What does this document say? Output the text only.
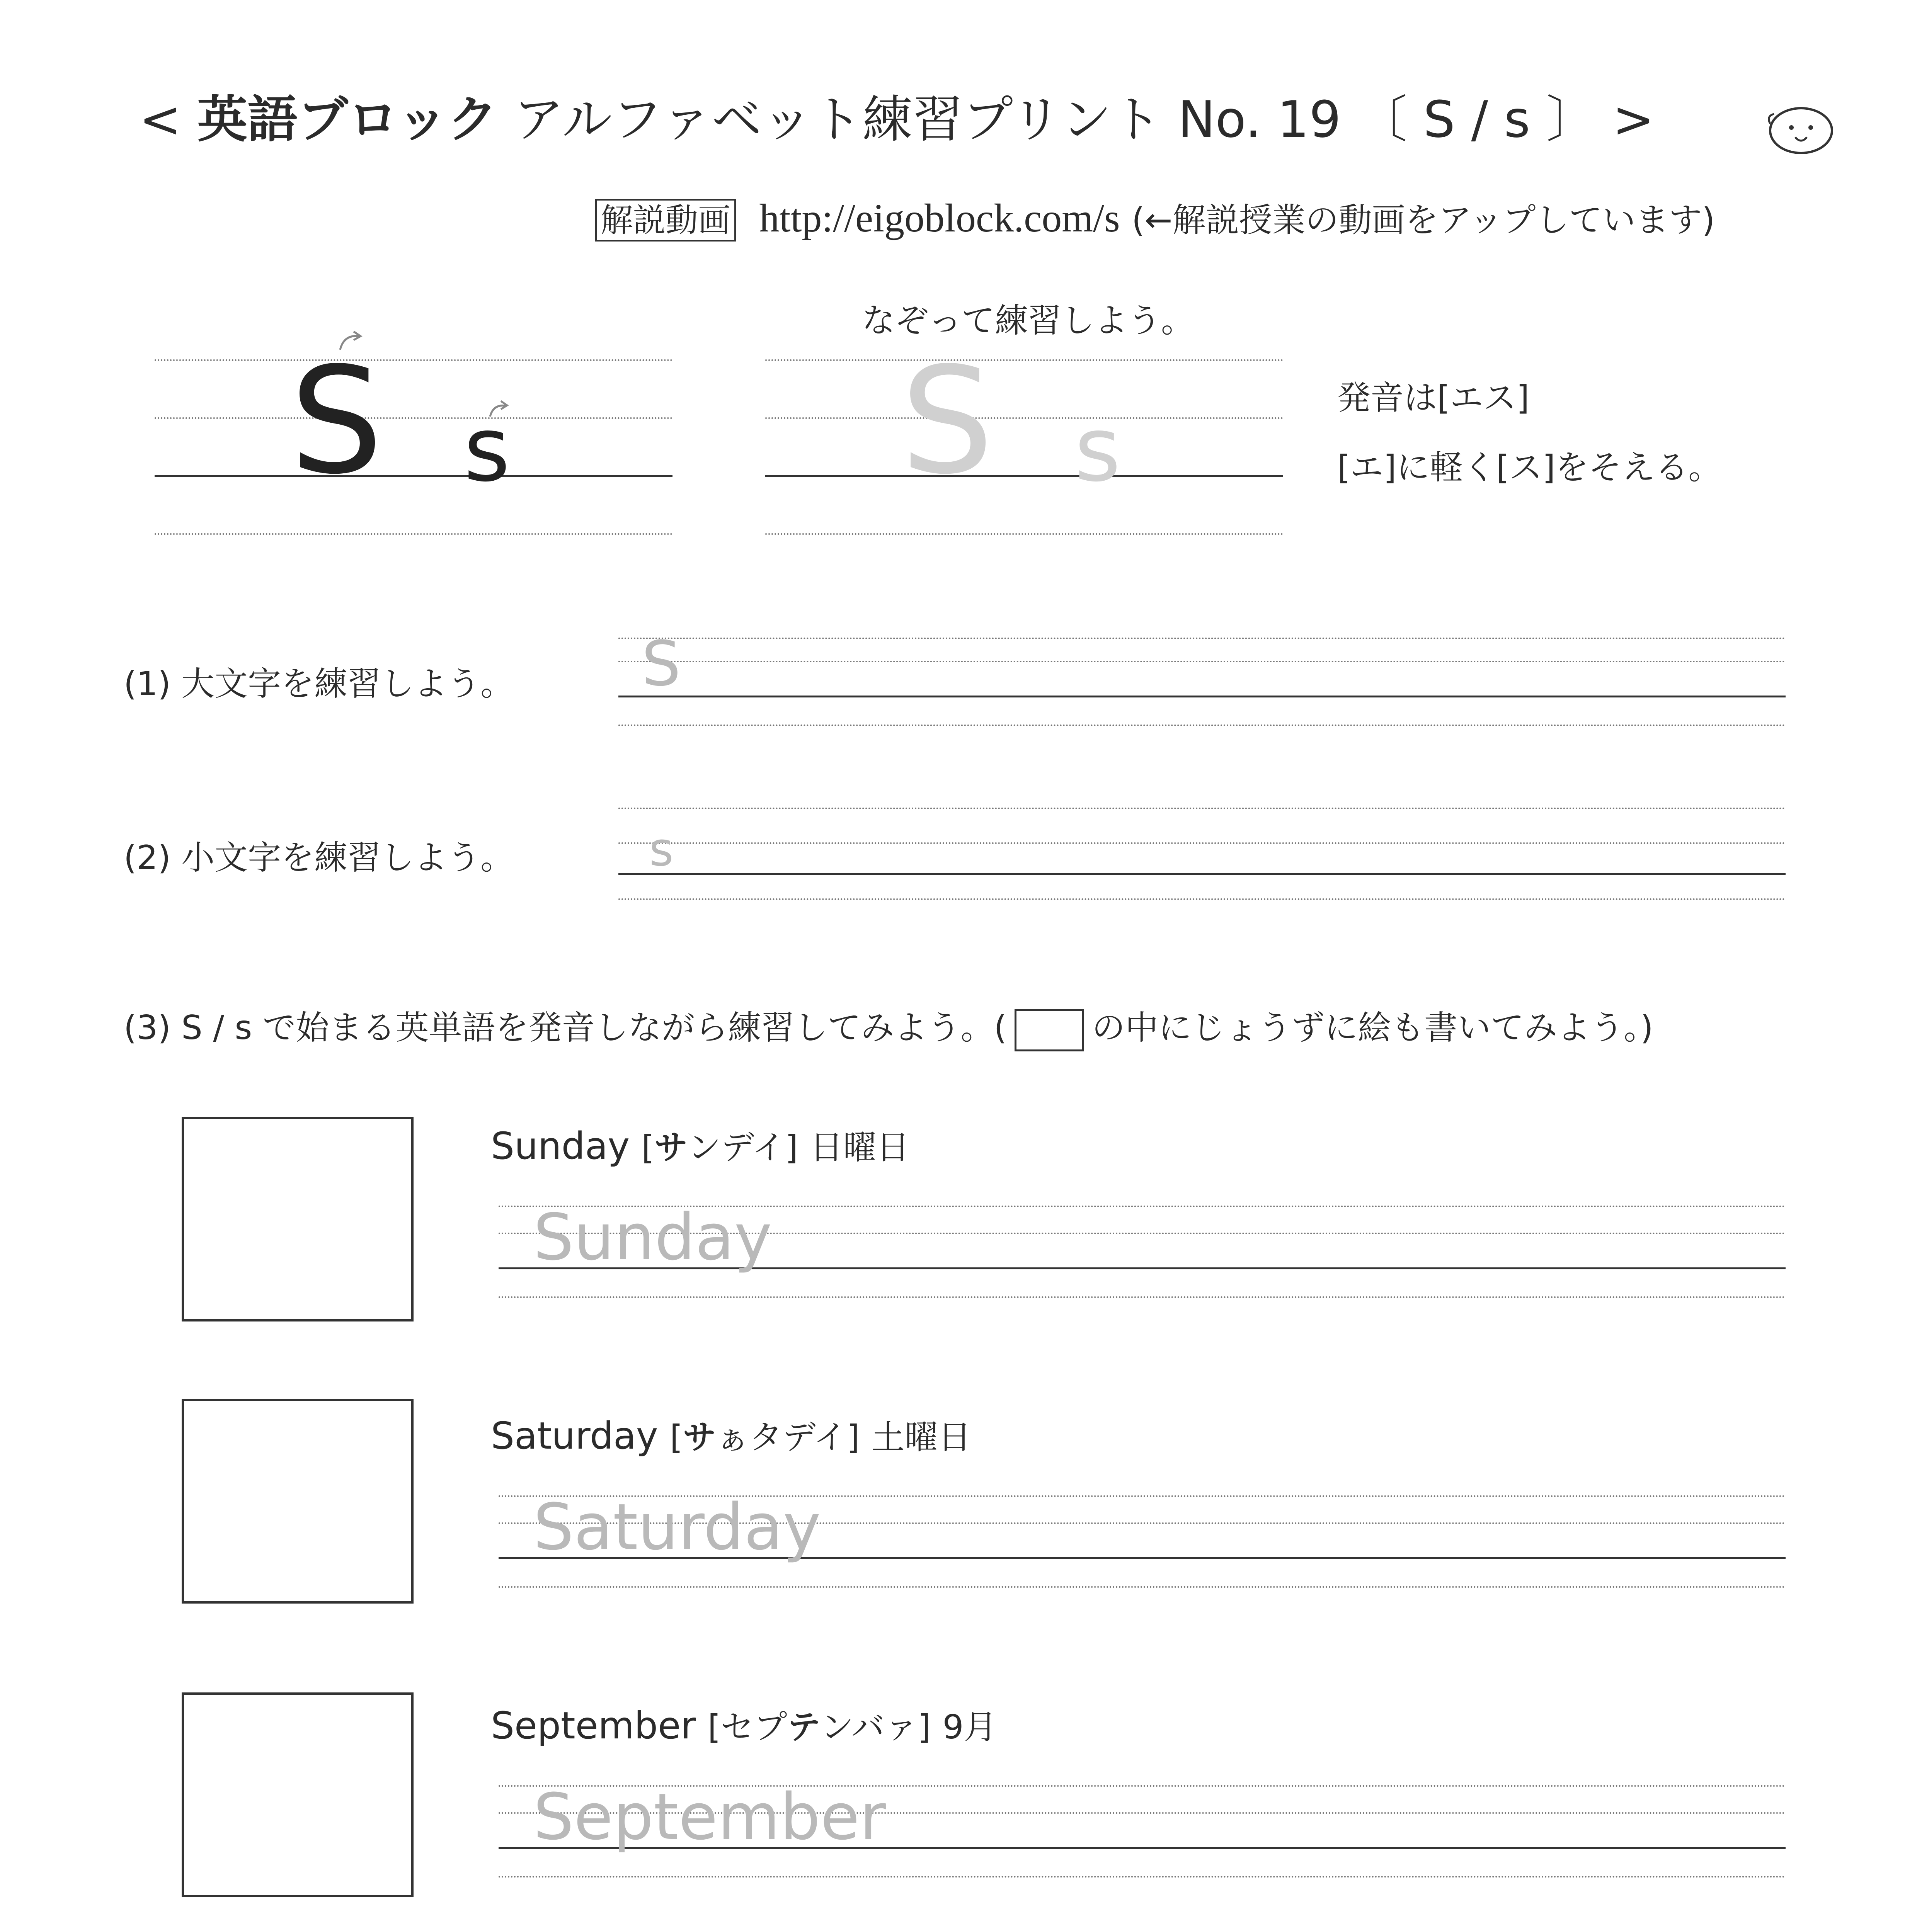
< 英語ブロック アルファベット練習プリント No. 19 〔 S / s 〕 >
解説動画 http://eigoblock.com/s (←解説授業の動画をアップしています)
S s
なぞって練習しよう。
S s
発音は[エス]
[エ]に軽く[ス]をそえる。
(1) 大文字を練習しよう。 S
(2) 小文字を練習しよう。	s
(3) S / s で始まる英単語を発音しながら練習してみよう。(	の中にじょうずに絵も書いてみよう。)
Sunday [サンデイ] 日曜日
Sunday
Saturday [サぁタデイ] 土曜日
Saturday
September [セプテンバァ] 9月
September
